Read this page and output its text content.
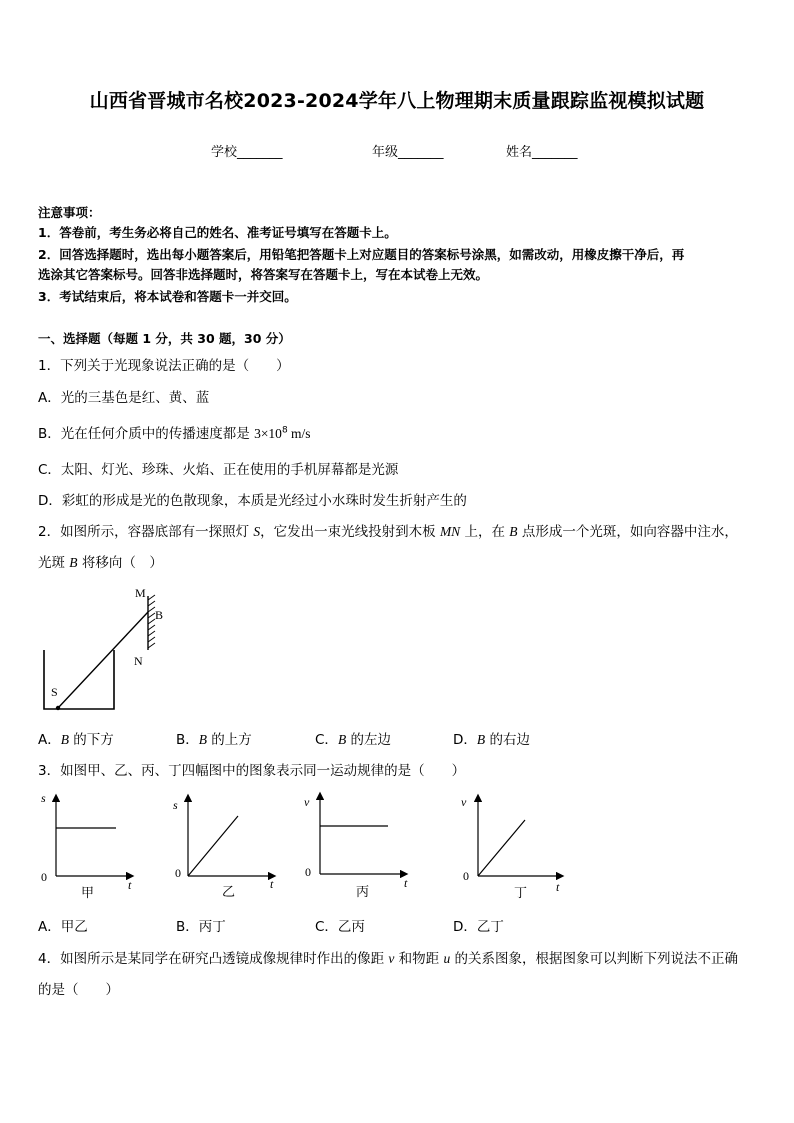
山西省晋城市名校2023-2024学年八上物理期末质量跟踪监视模拟试题
学校_______	年级_______	姓名_______
注意事项：
1．答卷前，考生务必将自己的姓名、准考证号填写在答题卡上。
2．回答选择题时，选出每小题答案后，用铅笔把答题卡上对应题目的答案标号涂黑，如需改动，用橡皮擦干净后，再
选涂其它答案标号。回答非选择题时，将答案写在答题卡上，写在本试卷上无效。
3．考试结束后，将本试卷和答题卡一并交回。
一、选择题（每题 1 分，共 30 题，30 分）
1．下列关于光现象说法正确的是（　　）
A．光的三基色是红、黄、蓝
B．光在任何介质中的传播速度都是 $3\times 10^8$ m/s
C．太阳、灯光、珍珠、火焰、正在使用的手机屏幕都是光源
D．彩虹的形成是光的色散现象，本质是光经过小水珠时发生折射产生的
2．如图所示，容器底部有一探照灯 S，它发出一束光线投射到木板 MN 上，在 B 点形成一个光斑，如向容器中注水，
光斑 B 将移向（　）
M
B
N
S
A．B 的下方	B．B 的上方	C．B 的左边	D．B 的右边
3．如图甲、乙、丙、丁四幅图中的图象表示同一运动规律的是（　　）
s
0
t
甲
s
0
t
乙
v
0
t
丙
v
0
t
丁
A．甲乙	B．丙丁	C．乙丙	D．乙丁
4．如图所示是某同学在研究凸透镜成像规律时作出的像距 v 和物距 u 的关系图象，根据图象可以判断下列说法不正确
的是（　　）
